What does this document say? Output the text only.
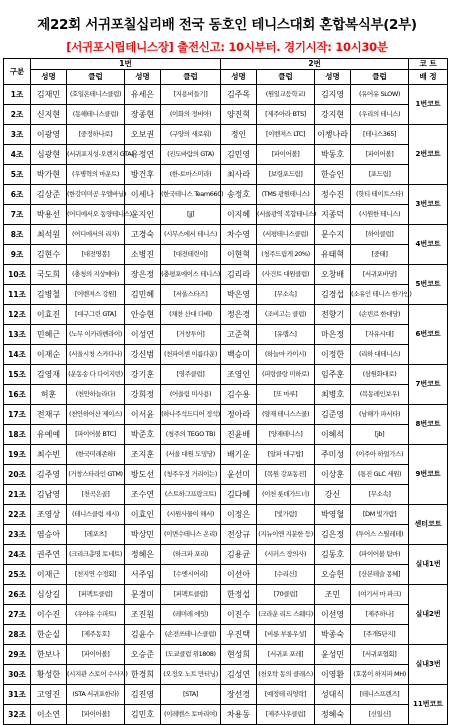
제22회 서귀포칠십리배 전국 동호인 테니스대회 혼합복식부(2부)
[서귀포시립테니스장] 출전신고: 10시부터. 경기시작: 10시30분
구분	1번				2번				코 트
	성명	클럽	성명	클럽	성명	클럽	성명	클럽	배 정
1조	김재민	(호일온테니스클럽)	유세은	[지용비들기]	김주목	(원일교등학교)	김지영	(유어유 SLOW)	1번코트
2조	신지현	(동해테니스클럽)	장종현	(이화의 정비아)	양진혁	[제주아라 BTS]	강지현	(우리의 테니스)	
3조	이광영	[중정하나로]	오보권	(구양의 새로워)	정인	[이벤져스 LTC]	이챙나라	[테니스365]	2번코트
4조	심광현	(서귀포지성-오렌지 GTA)	유정연	(진도바람의 GTA)	김민영	[파이어볼]	박동호	[파이어볼]	
5조	박가현	(우병혁의 마운트)	방건후	(한-토마스미라)	최사라	[보령포드림]	한승인	[포드림]	
6조	김상준	(한강미미공 우엘바닐)	이세나	(한국테니스 Team660)	송정호	(TMS 광원테니스)	정수진	(핫티 테이트스타)	3번코트
7조	박용선	(어디에서오 동양테니스)	윤지인	[jj]	이지혜	(서울광역 복합테니스)	지종덕	(시원한 테니스)	
8조	최석원	(어디에서의 리자)	고경숙	(시무스에서 테니스)	차수영	(서평테니스클럽)	문수지	[하이클럽]	4번코트
9조	김현수	[대전명봉]	소병진	[대전테린이]	이현혁	(청주드림게 20%)	유태혁	[중태]	
10조	국도희	(충청의 지상메아)	장은정	(충평포에이스 테니스)	김리라	(사건트 대원클럽)	오창배	[서귀포바당]	5번코트
11조	김병철	[어벤져스 강원]	김민혜	[서울스타즈]	박은영	[무소속]	김경섭	(소유인 테니스 한가인)	
12조	이효진	[대구그린 GTA]	안승현	(채찬 산대 다배)	정은경	(조비고는 클럽)	전향기	(손빈르 한대당)	6번코트
13조	민혜근	(노무 이카라벤라이)	이성연	[거창투어]	고준혁	[유랩스]	마은정	[자유시대]	
14조	이재순	(서울시청 스카다나)	강신범	(천파이센 이름다운)	백승미	(하늘마 카이시)	이정한	(리하 대테니스)	
15조	김영재	(운동송 다 다이지빈)	강기훈	[영주클럽]	조영인	(피랑클랑 미하로)	임주훈	(삼원화대로)	7번코트
16조	허훈	(천안하늘라다)	강희정	(어울림 미사용)	김수용	[또 마루]	최병호	(목동레인보우)	
17조	전재구	(천안하어산 제이스)	이서윤	(하나주석드디어 정석)	정아라	(양재 테니스스쿨)	김준영	(남해가 파서타)	8번코트
18조	유예예	[파이어볼 BTC]	박준호	(청주의 TEGO TB)	진윤배	[양재테니스]	이혜석	[jb]	
19조	최수빈	(한국미래존하)	조지훈	(서울 대원 도밍당)	배기운	[알파 대구탑]	주미성	(이주아 하얼가스)	9번코트
20조	김주영	(거창스타라인 GTM)	방도선	(청주우정 거리이는)	윤선미	[목원 강포동진]	이상훈	(통진 GLC 세원)	
21조	김남영	[천곡은골]	조수연	(스트하그프랑크트)	김다혜	(이천 롯데가드너)	강신	[무소속]	
22조	조영상	(테니스클럽 세시)	이효인	(시원사물이 해서)	이정은	[빛가람]	박영혈	[DM 빛가람]	센터코트
23조	염승아	[레포츠]	박상민	(이면수테니스 온리)	전상규	(지뉴이엔 지분한 등)	김은정	(투어스 스틸레테)	
24조	권주연	(크리크총명 토네트)	정혜은	(하크파 포리)	김용균	(시러스 장의사)	김동호	(파이어볼 팀마)	실내1번
25조	이재근	[천지연 수정회]	서주임	[수엔시어리]	이선아	[수리신]	오승헌	[산본테슬 몽혜]	
26조	심상길	[퍼펙트클럽]	문경미	[퍼펙트클럽]	한정섭	[70클럽]	조민	(여기서 마 파크)	실내2번
27조	이수진	(우야유 수파트)	조진원	(레미레 에잇)	이진수	(크라운 리드 스웨디)	이선영	[제주하나]	
28조	한순실	[제주동호]	김윤수	(손전쓰테니스클럽)	우진택	[비롱 부롱우성]	박종숙	[주개5단지]	
29조	한보나	[파이어볼]	오승준	(도쿄클럽 위1808)	현성희	[서귀포 포레]	윤성민	[서귀포협회]	실내3번
30조	황성한	(시지관 스토어 수사지)	한경희	(오정오 노트 만터닝)	김성연	(천오탁 동의 클래스)	이영환	(호봉이 하지파 MH)	
31조	고영진	(STA 서귀포한라)	김진영	[STA]	장선경	[예정테 리엉락]	성대식	[테니스프렌즈]	11번코트
32조	이소연	[파이어볼]	김민호	(이레벤스 토마리여)	차용동	[제주사우클럽]	정혜숙	[신일신]	
